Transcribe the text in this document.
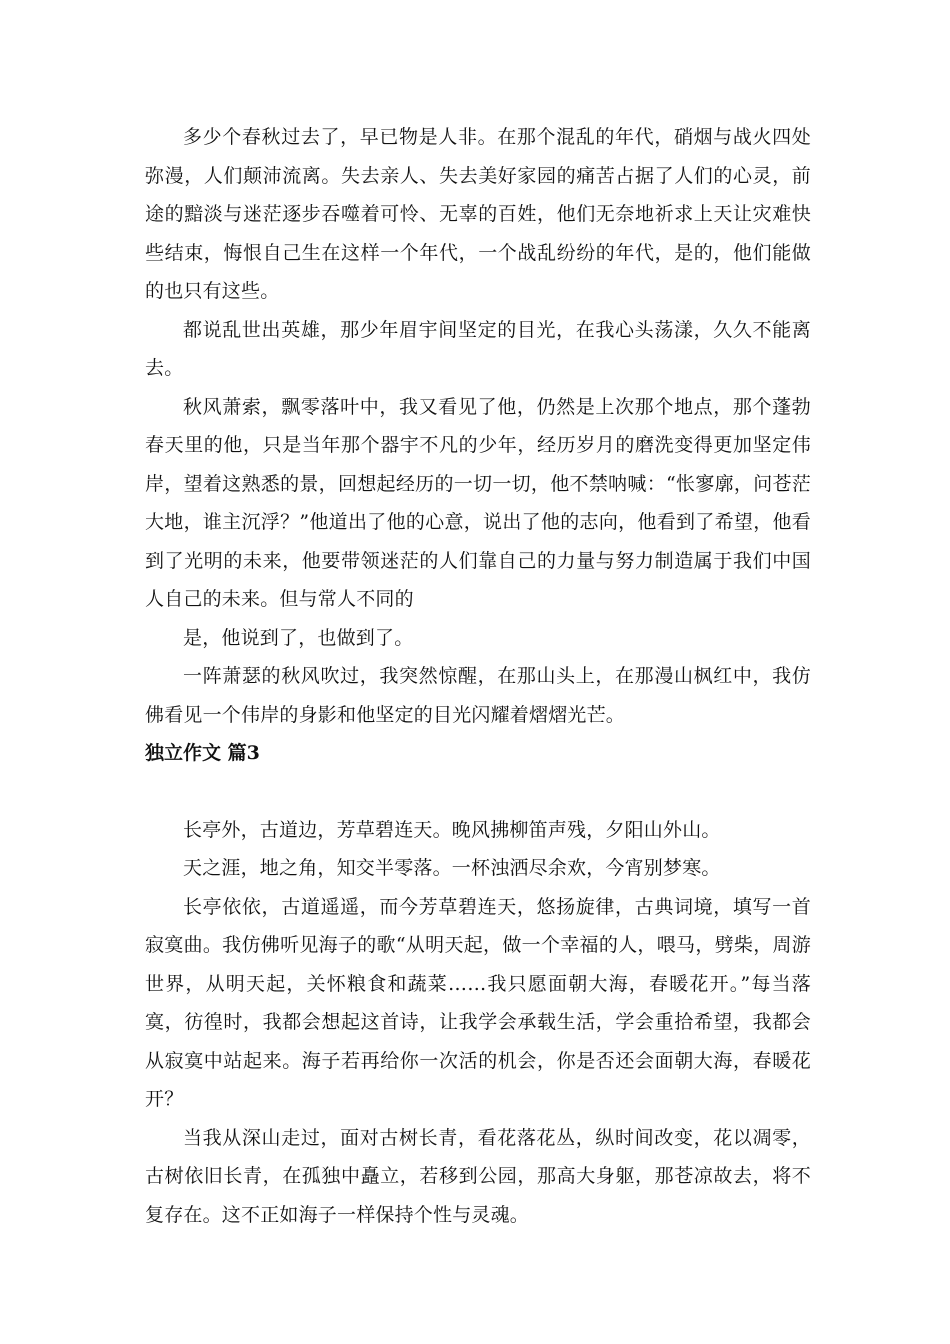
多少个春秋过去了，早已物是人非。在那个混乱的年代，硝烟与战火四处弥漫，人们颠沛流离。失去亲人、失去美好家园的痛苦占据了人们的心灵，前途的黯淡与迷茫逐步吞噬着可怜、无辜的百姓，他们无奈地祈求上天让灾难快些结束，悔恨自己生在这样一个年代，一个战乱纷纷的年代，是的，他们能做的也只有这些。

都说乱世出英雄，那少年眉宇间坚定的目光，在我心头荡漾，久久不能离去。

秋风萧索，飘零落叶中，我又看见了他，仍然是上次那个地点，那个蓬勃春天里的他，只是当年那个器宇不凡的少年，经历岁月的磨洗变得更加坚定伟岸，望着这熟悉的景，回想起经历的一切一切，他不禁呐喊：“怅寥廓，问苍茫大地，谁主沉浮？”他道出了他的心意，说出了他的志向，他看到了希望，他看到了光明的未来，他要带领迷茫的人们靠自己的力量与努力制造属于我们中国人自己的未来。但与常人不同的

是，他说到了，也做到了。

一阵萧瑟的秋风吹过，我突然惊醒，在那山头上，在那漫山枫红中，我仿佛看见一个伟岸的身影和他坚定的目光闪耀着熠熠光芒。

独立作文 篇3

长亭外，古道边，芳草碧连天。晚风拂柳笛声残，夕阳山外山。

天之涯，地之角，知交半零落。一杯浊洒尽余欢，今宵别梦寒。

长亭依依，古道遥遥，而今芳草碧连天，悠扬旋律，古典词境，填写一首寂寞曲。我仿佛听见海子的歌“从明天起，做一个幸福的人，喂马，劈柴，周游世界，从明天起，关怀粮食和蔬菜……我只愿面朝大海，春暖花开。”每当落寞，彷徨时，我都会想起这首诗，让我学会承载生活，学会重拾希望，我都会从寂寞中站起来。海子若再给你一次活的机会，你是否还会面朝大海，春暖花开？

当我从深山走过，面对古树长青，看花落花丛，纵时间改变，花以凋零，古树依旧长青，在孤独中矗立，若移到公园，那高大身躯，那苍凉故去，将不复存在。这不正如海子一样保持个性与灵魂。
